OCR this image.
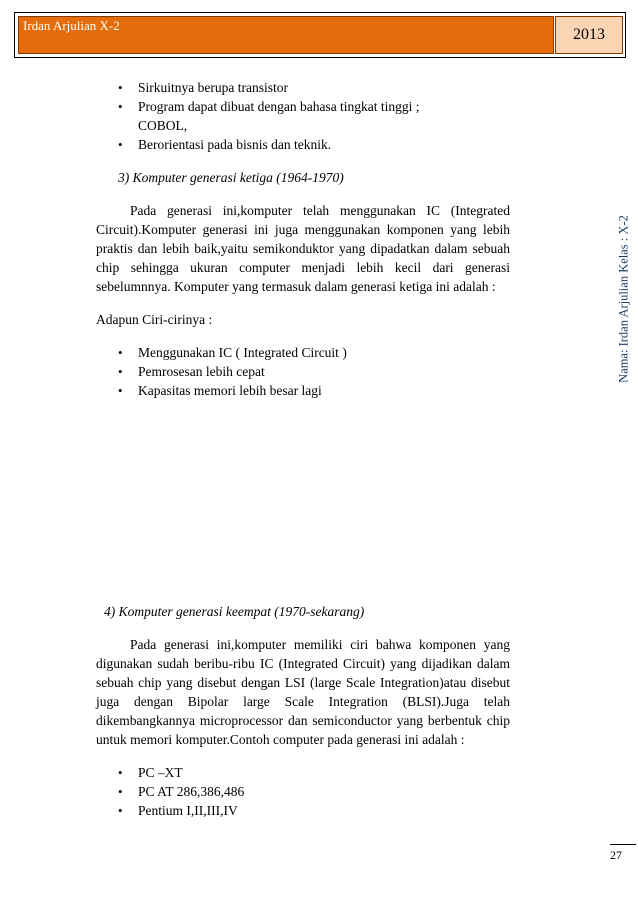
Irdan Arjulian X-2
2013
Nama: Irdan Arjulian Kelas : X-2
• Sirkuitnya berupa transistor
• Program dapat dibuat dengan bahasa tingkat tinggi ;
COBOL,
• Berorientasi pada bisnis dan teknik.
3) Komputer generasi ketiga (1964-1970)

Pada generasi ini,komputer telah menggunakan IC (Integrated Circuit).Komputer generasi ini juga menggunakan komponen yang lebih praktis dan lebih baik,yaitu semikonduktor yang dipadatkan dalam sebuah chip sehingga ukuran computer menjadi lebih kecil dari generasi sebelumnnya. Komputer yang termasuk dalam generasi ketiga ini adalah :

Adapun Ciri-cirinya :
• Menggunakan IC ( Integrated Circuit )
• Pemrosesan lebih cepat
• Kapasitas memori lebih besar lagi
4) Komputer generasi keempat (1970-sekarang)

Pada generasi ini,komputer memiliki ciri bahwa komponen yang digunakan sudah beribu-ribu IC (Integrated Circuit) yang dijadikan dalam sebuah chip yang disebut dengan LSI (large Scale Integration)atau disebut juga dengan Bipolar large Scale Integration (BLSI).Juga telah dikembangkannya microprocessor dan semiconductor yang berbentuk chip untuk memori komputer.Contoh computer pada generasi ini adalah :

• PC –XT
• PC AT 286,386,486
• Pentium I,II,III,IV
27
